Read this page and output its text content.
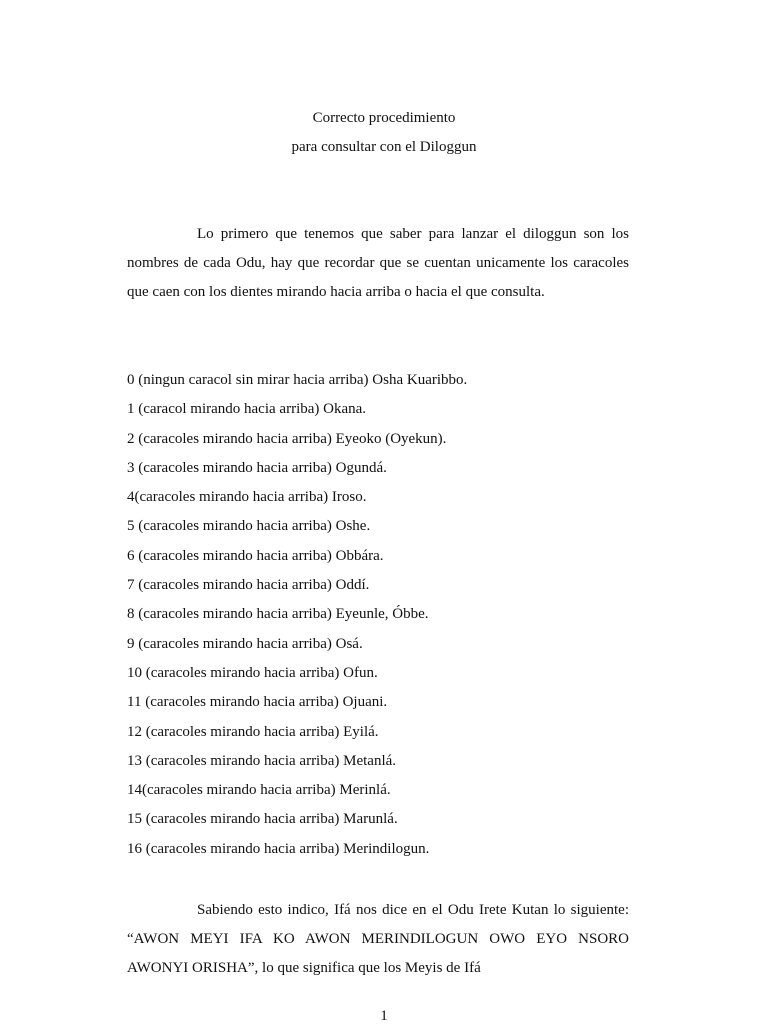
Correcto procedimiento
para consultar con el Diloggun

Lo primero que tenemos que saber para lanzar el diloggun son los nombres de cada Odu, hay que recordar que se cuentan unicamente los caracoles que caen con los dientes mirando hacia arriba o hacia el que consulta.

0 (ningun caracol sin mirar hacia arriba) Osha Kuaribbo.
1 (caracol mirando hacia arriba) Okana.
2 (caracoles mirando hacia arriba) Eyeoko (Oyekun).
3 (caracoles mirando hacia arriba) Ogundá.
4(caracoles mirando hacia arriba) Iroso.
5 (caracoles mirando hacia arriba) Oshe.
6 (caracoles mirando hacia arriba) Obbára.
7 (caracoles mirando hacia arriba) Oddí.
8 (caracoles mirando hacia arriba) Eyeunle, Óbbe.
9 (caracoles mirando hacia arriba) Osá.
10 (caracoles mirando hacia arriba) Ofun.
11 (caracoles mirando hacia arriba) Ojuani.
12 (caracoles mirando hacia arriba) Eyilá.
13 (caracoles mirando hacia arriba) Metanlá.
14(caracoles mirando hacia arriba) Merinlá.
15 (caracoles mirando hacia arriba) Marunlá.
16 (caracoles mirando hacia arriba) Merindilogun.

Sabiendo esto indico, Ifá nos dice en el Odu Irete Kutan lo siguiente: “AWON MEYI IFA KO AWON MERINDILOGUN OWO EYO NSORO AWONYI ORISHA”, lo que significa que los Meyis de Ifá

1
